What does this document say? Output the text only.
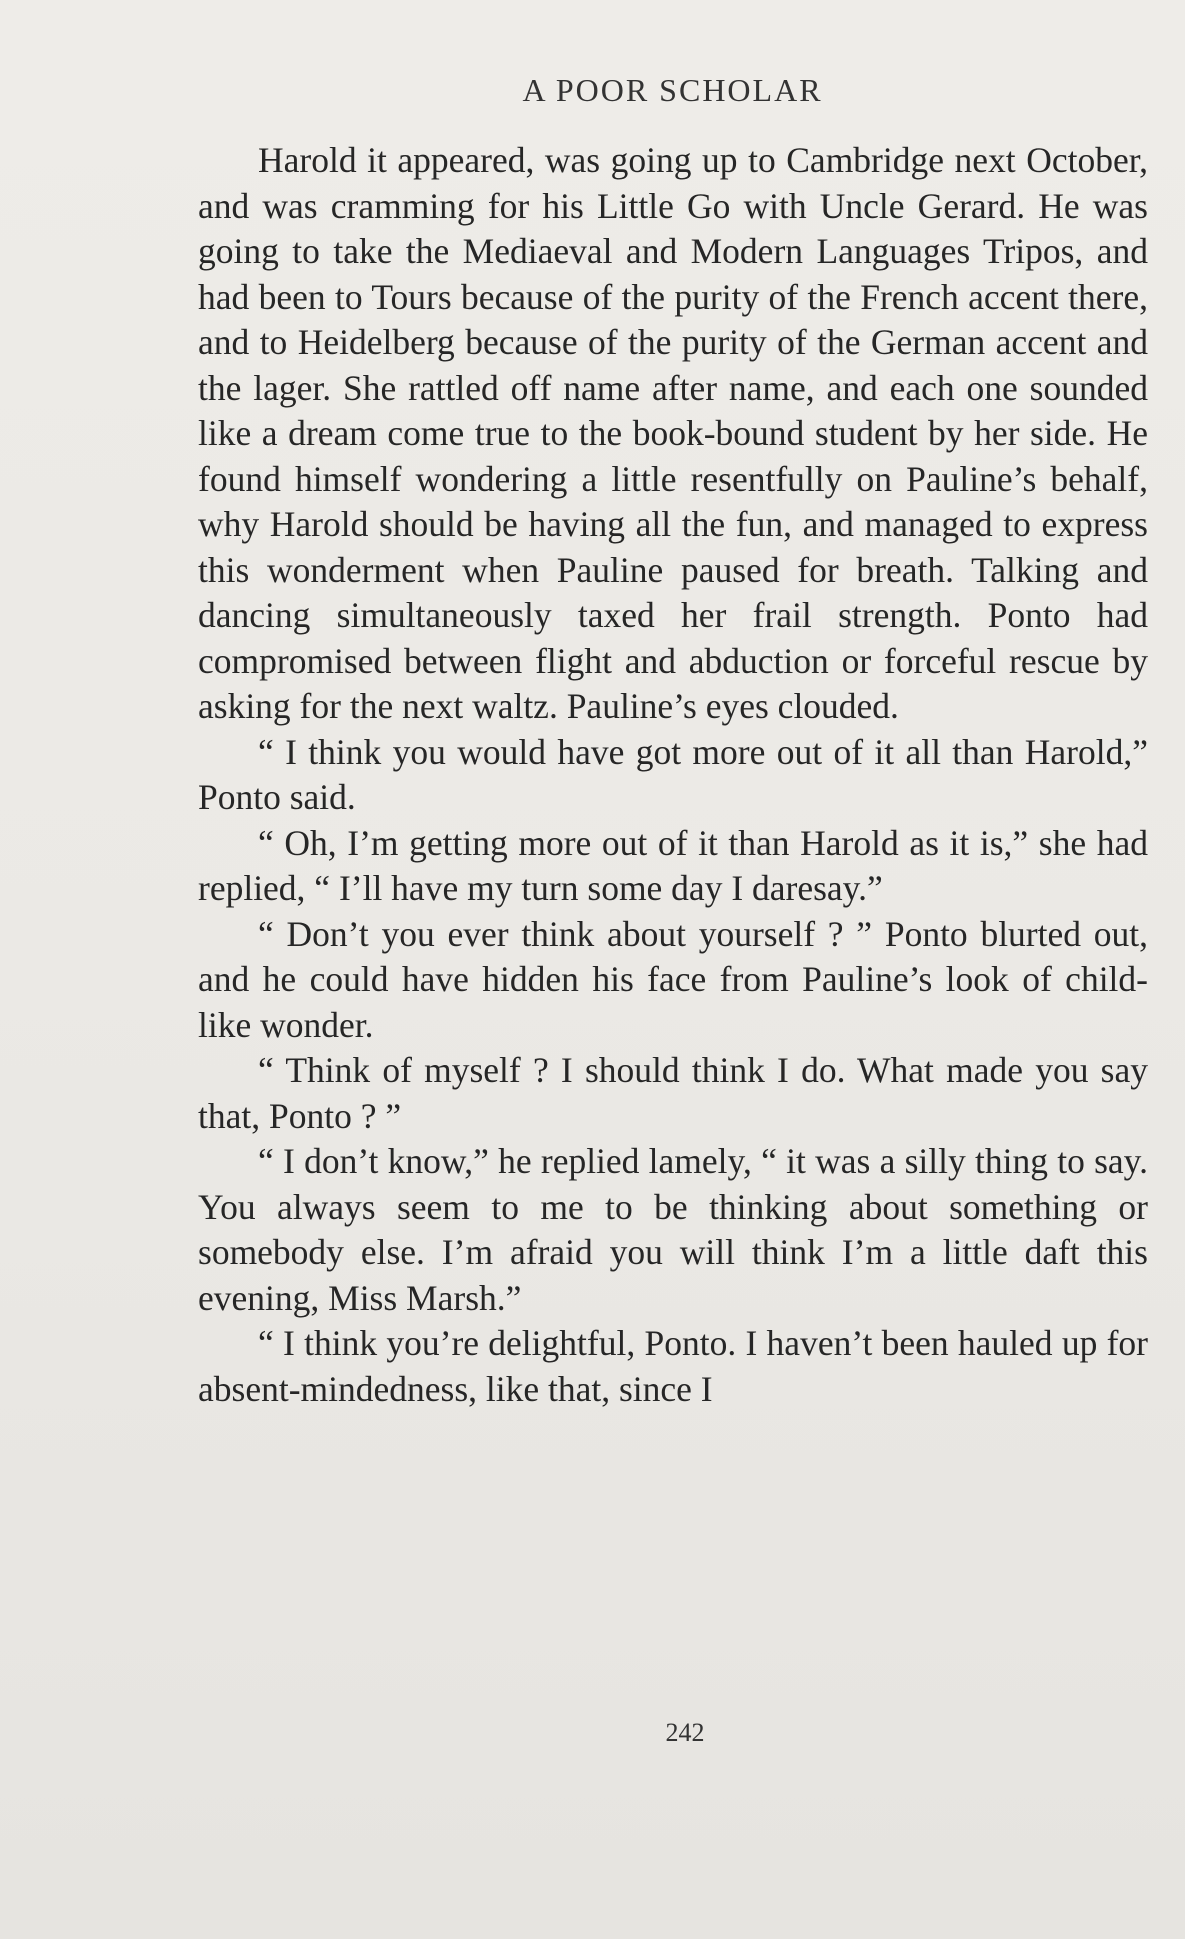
A POOR SCHOLAR

Harold it appeared, was going up to Cambridge next October, and was cramming for his Little Go with Uncle Gerard. He was going to take the Mediaeval and Modern Languages Tripos, and had been to Tours because of the purity of the French accent there, and to Heidelberg because of the purity of the German accent and the lager. She rattled off name after name, and each one sounded like a dream come true to the book-bound student by her side. He found himself wondering a little resentfully on Pauline’s behalf, why Harold should be having all the fun, and managed to express this wonderment when Pauline paused for breath. Talking and dancing simultaneously taxed her frail strength. Ponto had compromised between flight and abduction or forceful rescue by asking for the next waltz. Pauline’s eyes clouded.

“ I think you would have got more out of it all than Harold,” Ponto said.

“ Oh, I’m getting more out of it than Harold as it is,” she had replied, “ I’ll have my turn some day I daresay.”

“ Don’t you ever think about yourself ? ” Ponto blurted out, and he could have hidden his face from Pauline’s look of child-like wonder.

“ Think of myself ? I should think I do. What made you say that, Ponto ? ”

“ I don’t know,” he replied lamely, “ it was a silly thing to say. You always seem to me to be thinking about something or somebody else. I’m afraid you will think I’m a little daft this evening, Miss Marsh.”

“ I think you’re delightful, Ponto. I haven’t been hauled up for absent-mindedness, like that, since I

242
